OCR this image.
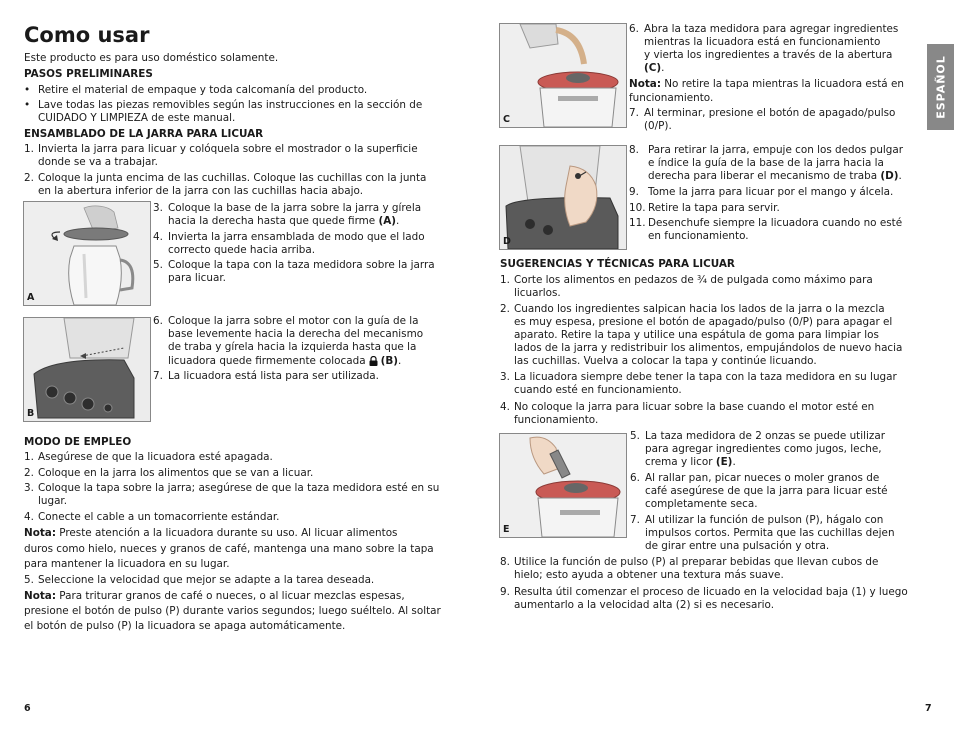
Como usar
Este producto es para uso doméstico solamente.
PASOS PRELIMINARES
• Retire el material de empaque y toda calcomanía del producto.
• Lave todas las piezas removibles según las instrucciones en la sección de
CUIDADO Y LIMPIEZA de este manual.
ENSAMBLADO DE LA JARRA PARA LICUAR
1. Invierta la jarra para licuar y colóquela sobre el mostrador o la superficie
donde se va a trabajar.
2. Coloque la junta encima de las cuchillas. Coloque las cuchillas con la junta
en la abertura inferior de la jarra con las cuchillas hacia abajo.
A
3. Coloque la base de la jarra sobre la jarra y gírela
hacia la derecha hasta que quede firme (A).
4. Invierta la jarra ensamblada de modo que el lado
correcto quede hacia arriba.
5. Coloque la tapa con la taza medidora sobre la jarra
para licuar.
B
6. Coloque la jarra sobre el motor con la guía de la
base levemente hacia la derecha del mecanismo
de traba y gírela hacia la izquierda hasta que la
licuadora quede firmemente colocada (B).
7. La licuadora está lista para ser utilizada.
MODO DE EMPLEO
1. Asegúrese de que la licuadora esté apagada.
2. Coloque en la jarra los alimentos que se van a licuar.
3. Coloque la tapa sobre la jarra; asegúrese de que la taza medidora esté en su
lugar.
4. Conecte el cable a un tomacorriente estándar.
Nota: Preste atención a la licuadora durante su uso. Al licuar alimentos
duros como hielo, nueces y granos de café, mantenga una mano sobre la tapa
para mantener la licuadora en su lugar.
5. Seleccione la velocidad que mejor se adapte a la tarea deseada.
Nota: Para triturar granos de café o nueces, o al licuar mezclas espesas,
presione el botón de pulso (P) durante varios segundos; luego suéltelo. Al soltar
el botón de pulso (P) la licuadora se apaga automáticamente.
6
C
6. Abra la taza medidora para agregar ingredientes
mientras la licuadora está en funcionamiento
y vierta los ingredientes a través de la abertura
(C).
Nota: No retire la tapa mientras la licuadora está en
funcionamiento.
7. Al terminar, presione el botón de apagado/pulso
(0/P).
D
8. Para retirar la jarra, empuje con los dedos pulgar
e índice la guía de la base de la jarra hacia la
derecha para liberar el mecanismo de traba (D).
9. Tome la jarra para licuar por el mango y álcela.
10. Retire la tapa para servir.
11. Desenchufe siempre la licuadora cuando no esté
en funcionamiento.
SUGERENCIAS Y TÉCNICAS PARA LICUAR
1. Corte los alimentos en pedazos de ¾ de pulgada como máximo para
licuarlos.
2. Cuando los ingredientes salpican hacia los lados de la jarra o la mezcla
es muy espesa, presione el botón de apagado/pulso (0/P) para apagar el
aparato. Retire la tapa y utilice una espátula de goma para limpiar los
lados de la jarra y redistribuir los alimentos, empujándolos de nuevo hacia
las cuchillas. Vuelva a colocar la tapa y continúe licuando.
3. La licuadora siempre debe tener la tapa con la taza medidora en su lugar
cuando esté en funcionamiento.
4. No coloque la jarra para licuar sobre la base cuando el motor esté en
funcionamiento.
E
5. La taza medidora de 2 onzas se puede utilizar
para agregar ingredientes como jugos, leche,
crema y licor (E).
6. Al rallar pan, picar nueces o moler granos de
café asegúrese de que la jarra para licuar esté
completamente seca.
7. Al utilizar la función de pulson (P), hágalo con
impulsos cortos. Permita que las cuchillas dejen
de girar entre una pulsación y otra.
8. Utilice la función de pulso (P) al preparar bebidas que llevan cubos de
hielo; esto ayuda a obtener una textura más suave.
9. Resulta útil comenzar el proceso de licuado en la velocidad baja (1) y luego
aumentarlo a la velocidad alta (2) si es necesario.
ESPAÑOL
7
